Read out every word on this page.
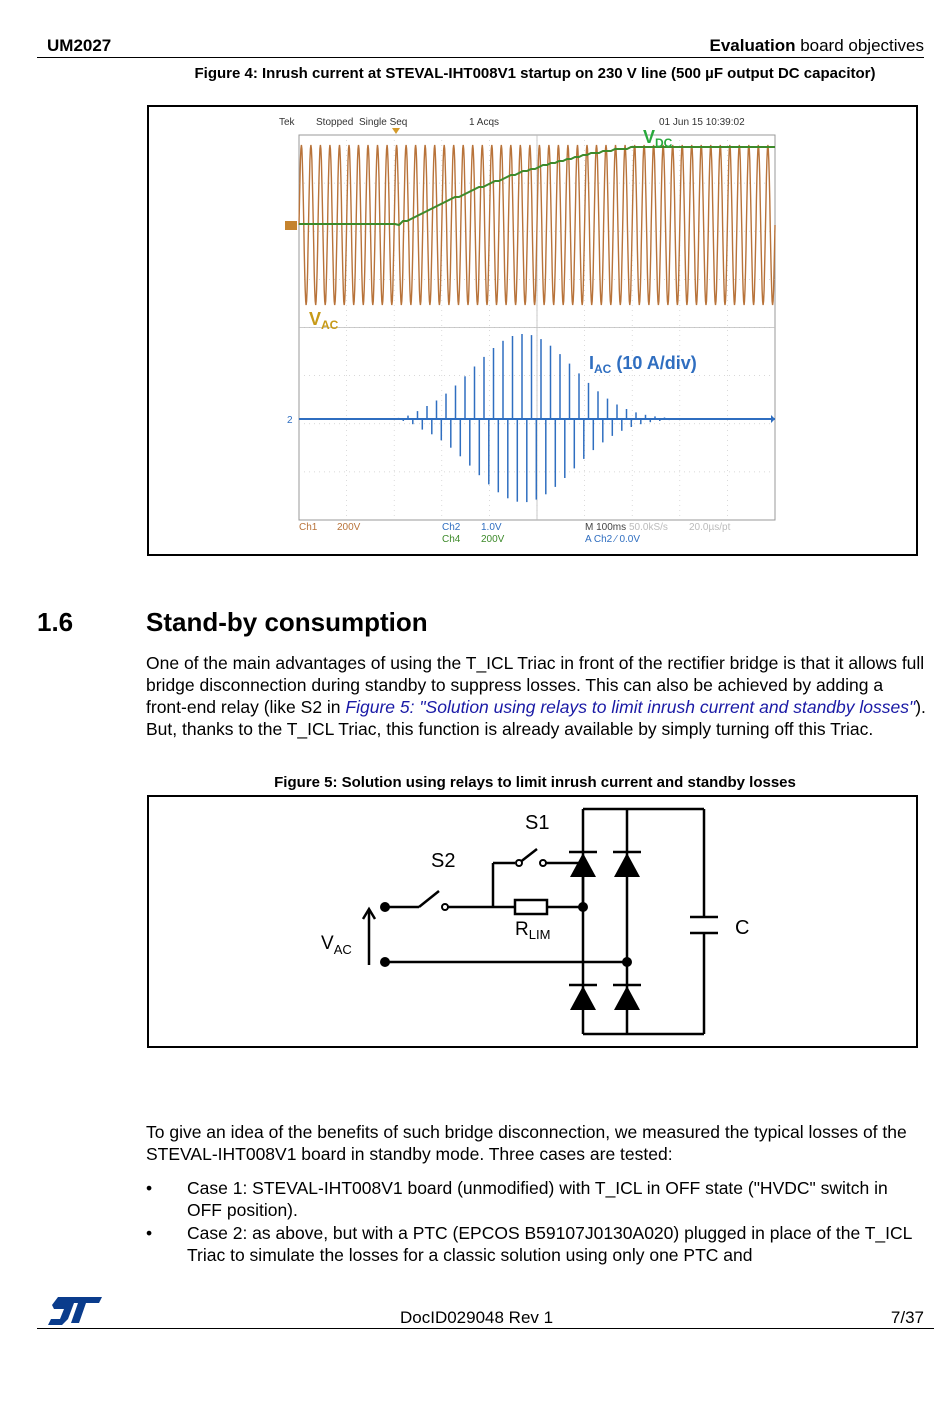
UM2027	Evaluation board objectives
Figure 4: Inrush current at STEVAL-IHT008V1 startup on 230 V line (500 µF output DC capacitor)
Tek Stopped Single Seq	1 Acqs	01 Jun 15 10:39:02
2
$V_{DC}$
$V_{AC}$
$I_{AC}$ (10 A/div)
Ch1 200V	Ch2 1.0V
Ch4 200V
M 100ms 50.0kS/s 20.0µs/pt
A Ch2 ⁄ 0.0V
1.6	Stand-by consumption
One of the main advantages of using the T_ICL Triac in front of the rectifier bridge is that it allows full bridge disconnection during standby to suppress losses. This can also be achieved by adding a front-end relay (like S2 in Figure 5: "Solution using relays to limit inrush current and standby losses"). But, thanks to the T_ICL Triac, this function is already available by simply turning off this Triac.
Figure 5: Solution using relays to limit inrush current and standby losses
S1
S2
$V_{AC}$
$R_{LIM}$	C
To give an idea of the benefits of such bridge disconnection, we measured the typical losses of the STEVAL-IHT008V1 board in standby mode. Three cases are tested:
• Case 1: STEVAL-IHT008V1 board (unmodified) with T_ICL in OFF state ("HVDC" switch in OFF position).
• Case 2: as above, but with a PTC (EPCOS B59107J0130A020) plugged in place of the T_ICL Triac to simulate the losses for a classic solution using only one PTC and
DocID029048 Rev 1	7/37
